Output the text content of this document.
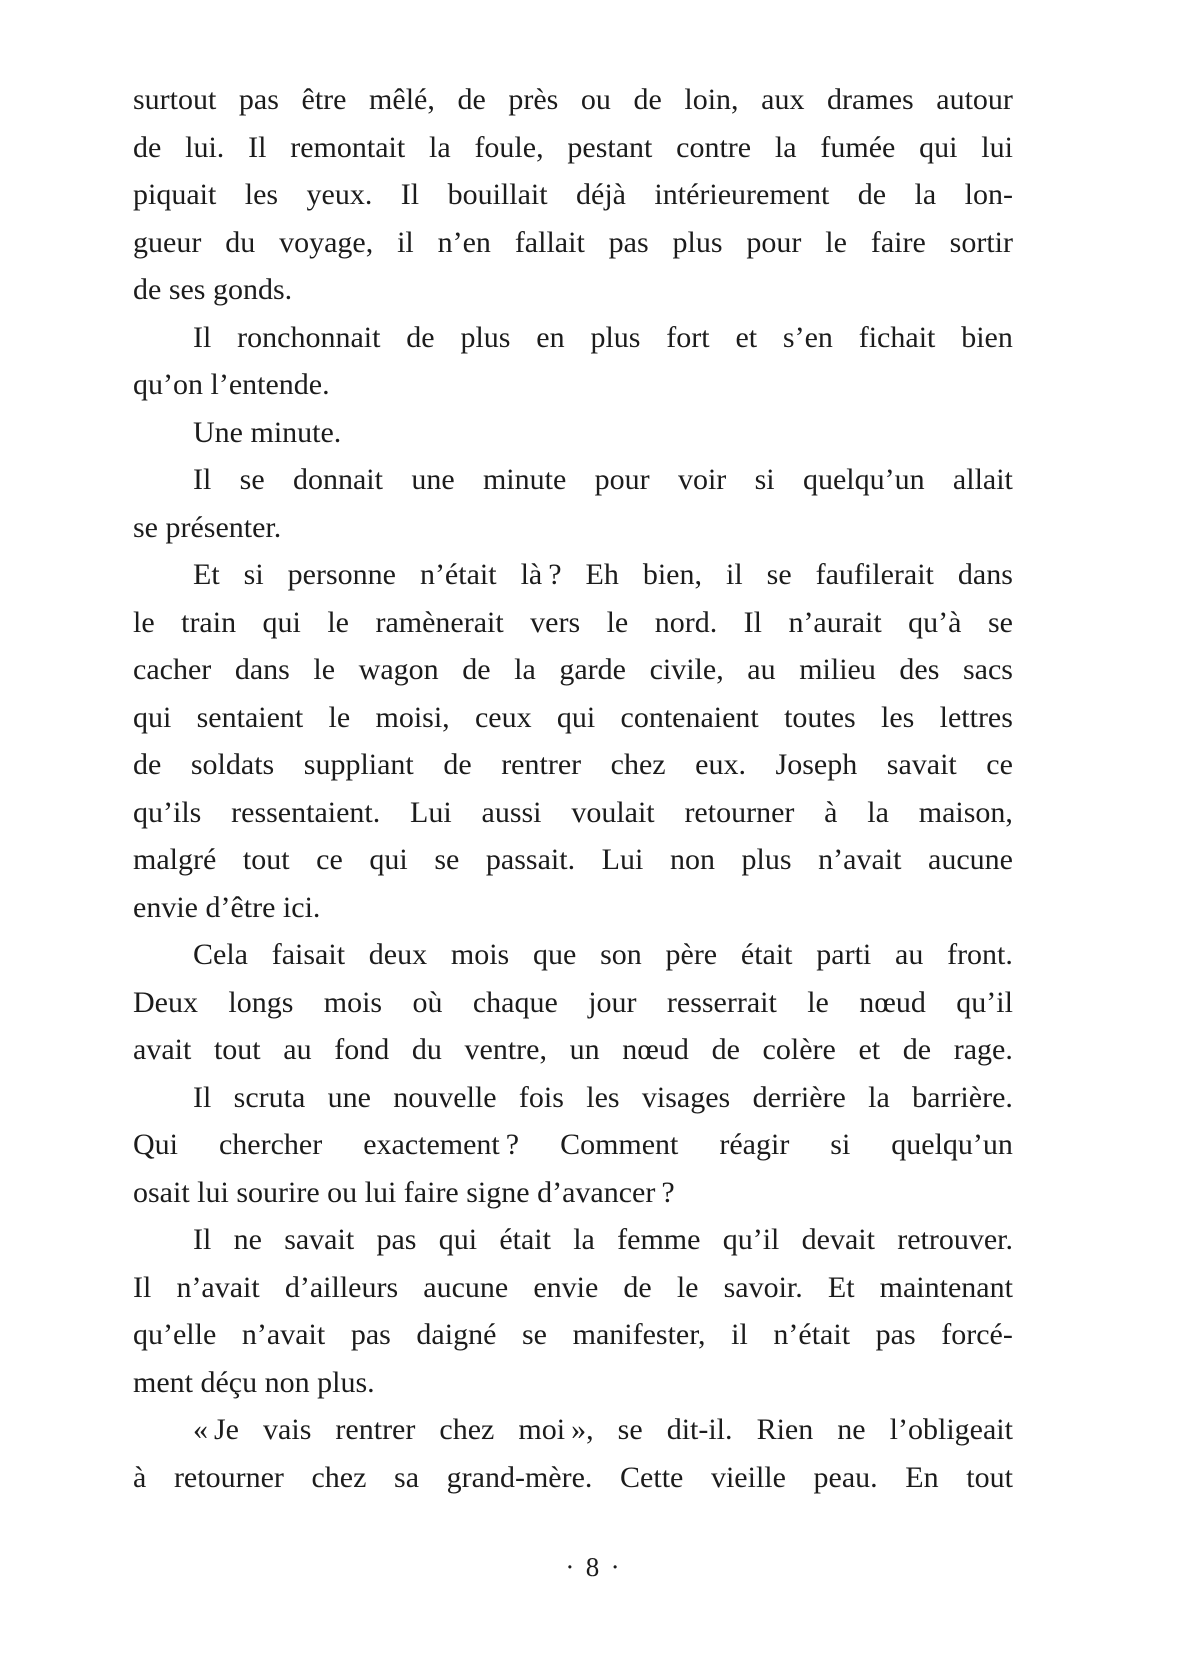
surtout pas être mêlé, de près ou de loin, aux drames autour
de lui. Il remontait la foule, pestant contre la fumée qui lui
piquait les yeux. Il bouillait déjà intérieurement de la lon-
gueur du voyage, il n’en fallait pas plus pour le faire sortir
de ses gonds.
Il ronchonnait de plus en plus fort et s’en fichait bien
qu’on l’entende.
Une minute.
Il se donnait une minute pour voir si quelqu’un allait
se présenter.
Et si personne n’était là ? Eh bien, il se faufilerait dans
le train qui le ramènerait vers le nord. Il n’aurait qu’à se
cacher dans le wagon de la garde civile, au milieu des sacs
qui sentaient le moisi, ceux qui contenaient toutes les lettres
de soldats suppliant de rentrer chez eux. Joseph savait ce
qu’ils ressentaient. Lui aussi voulait retourner à la maison,
malgré tout ce qui se passait. Lui non plus n’avait aucune
envie d’être ici.
Cela faisait deux mois que son père était parti au front.
Deux longs mois où chaque jour resserrait le nœud qu’il
avait tout au fond du ventre, un nœud de colère et de rage.
Il scruta une nouvelle fois les visages derrière la barrière.
Qui chercher exactement ? Comment réagir si quelqu’un
osait lui sourire ou lui faire signe d’avancer ?
Il ne savait pas qui était la femme qu’il devait retrouver.
Il n’avait d’ailleurs aucune envie de le savoir. Et maintenant
qu’elle n’avait pas daigné se manifester, il n’était pas forcé-
ment déçu non plus.
« Je vais rentrer chez moi », se dit-il. Rien ne l’obligeait
à retourner chez sa grand-mère. Cette vieille peau. En tout
· 8 ·
